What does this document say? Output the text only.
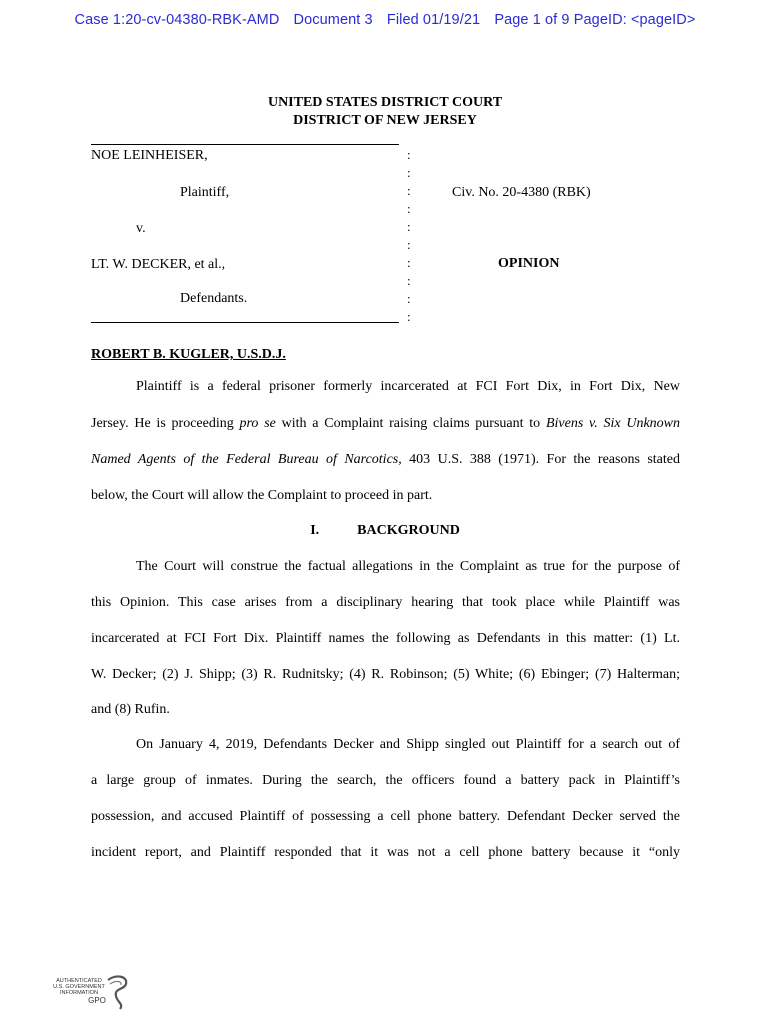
Case 1:20-cv-04380-RBK-AMD Document 3 Filed 01/19/21 Page 1 of 9 PageID: <pageID>
UNITED STATES DISTRICT COURT
DISTRICT OF NEW JERSEY
NOE LEINHEISER,
Plaintiff,
v.
LT. W. DECKER, et al.,
Defendants.
:
:
:
:
:
:
:
:
:
:
Civ. No. 20-4380 (RBK)
OPINION
ROBERT B. KUGLER, U.S.D.J.
Plaintiff is a federal prisoner formerly incarcerated at FCI Fort Dix, in Fort Dix, New
Jersey. He is proceeding pro se with a Complaint raising claims pursuant to Bivens v. Six Unknown
Named Agents of the Federal Bureau of Narcotics, 403 U.S. 388 (1971). For the reasons stated
below, the Court will allow the Complaint to proceed in part.
I.	BACKGROUND
The Court will construe the factual allegations in the Complaint as true for the purpose of
this Opinion. This case arises from a disciplinary hearing that took place while Plaintiff was
incarcerated at FCI Fort Dix. Plaintiff names the following as Defendants in this matter: (1) Lt.
W. Decker; (2) J. Shipp; (3) R. Rudnitsky; (4) R. Robinson; (5) White; (6) Ebinger; (7) Halterman;
and (8) Rufin.
On January 4, 2019, Defendants Decker and Shipp singled out Plaintiff for a search out of
a large group of inmates. During the search, the officers found a battery pack in Plaintiff’s
possession, and accused Plaintiff of possessing a cell phone battery. Defendant Decker served the
incident report, and Plaintiff responded that it was not a cell phone battery because it “only
AUTHENTICATED
U.S. GOVERNMENT
INFORMATION
GPO
